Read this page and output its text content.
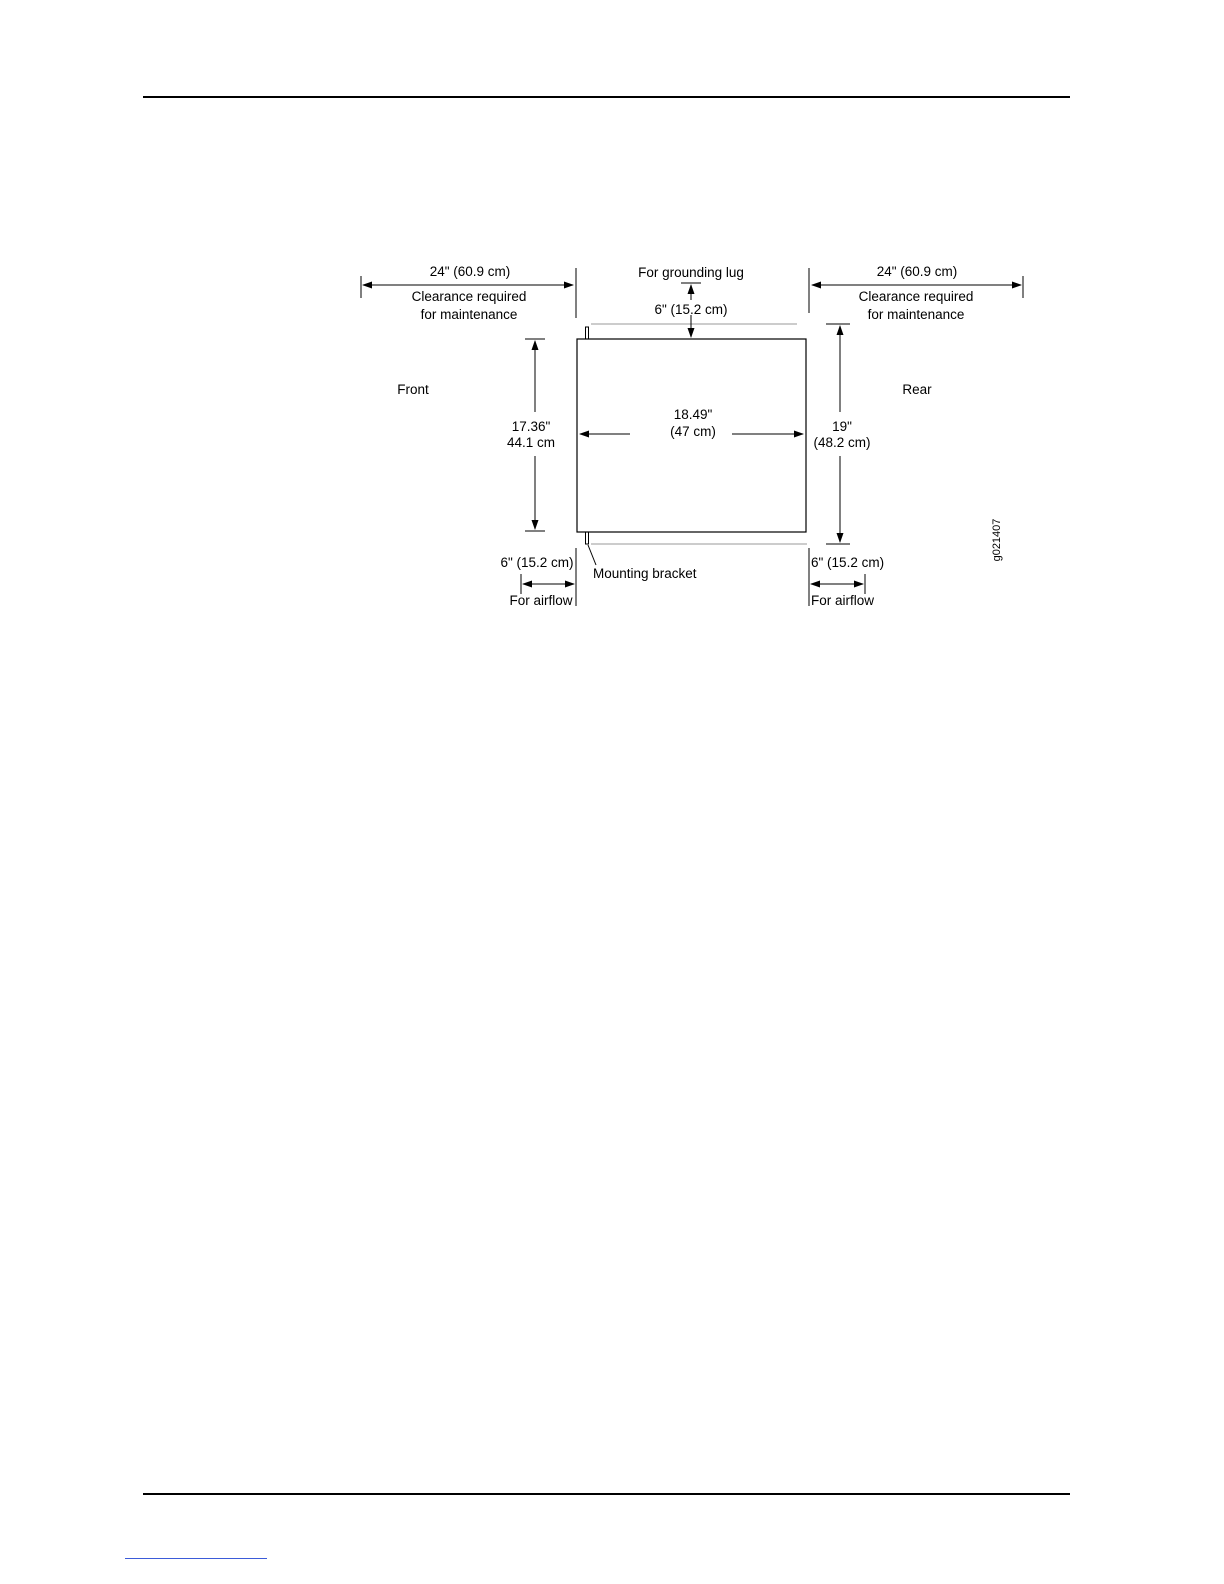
24" (60.9 cm)
Clearance required
for maintenance
For grounding lug
6" (15.2 cm)
24" (60.9 cm)
Clearance required
for maintenance
Front	Rear
17.36"
44.1 cm
18.49"
(47 cm)	19"
(48.2 cm)
6" (15.2 cm)
For airflow
Mounting bracket
6" (15.2 cm)
For airflow
g021407
